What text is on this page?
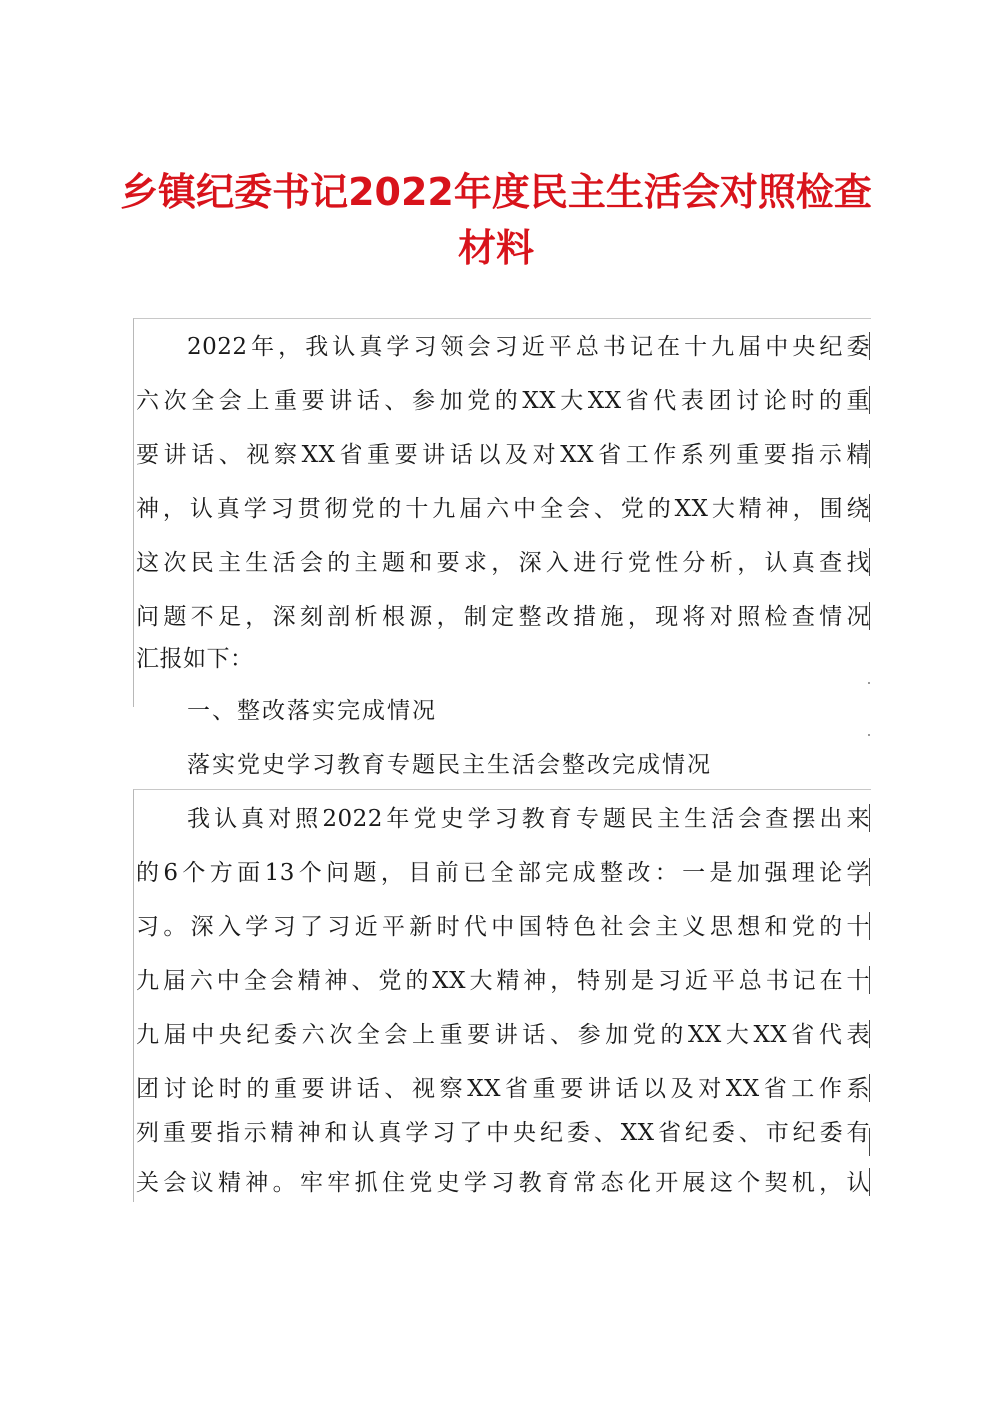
乡镇纪委书记2022年度民主生活会对照检查
材料
2022年，我认真学习领会习近平总书记在十九届中央纪委
六次全会上重要讲话、参加党的XX大XX省代表团讨论时的重
要讲话、视察XX省重要讲话以及对XX省工作系列重要指示精
神，认真学习贯彻党的十九届六中全会、党的XX大精神，围绕
这次民主生活会的主题和要求，深入进行党性分析，认真查找
问题不足，深刻剖析根源，制定整改措施，现将对照检查情况
汇报如下：
一、整改落实完成情况
落实党史学习教育专题民主生活会整改完成情况
我认真对照2022年党史学习教育专题民主生活会查摆出来
的6个方面13个问题，目前已全部完成整改：一是加强理论学
习。深入学习了习近平新时代中国特色社会主义思想和党的十
九届六中全会精神、党的XX大精神，特别是习近平总书记在十
九届中央纪委六次全会上重要讲话、参加党的XX大XX省代表
团讨论时的重要讲话、视察XX省重要讲话以及对XX省工作系
列重要指示精神和认真学习了中央纪委、XX省纪委、市纪委有
关会议精神。牢牢抓住党史学习教育常态化开展这个契机，认
